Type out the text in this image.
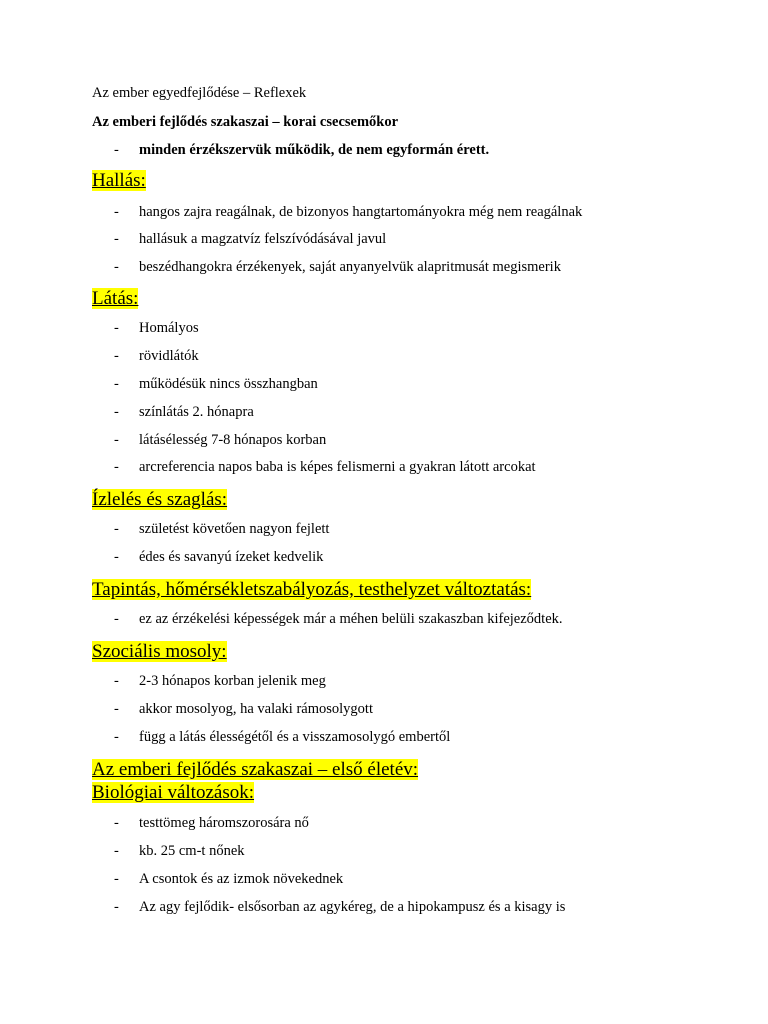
Az ember egyedfejlődése – Reflexek
Az emberi fejlődés szakaszai – korai csecsemőkor
- minden érzékszervük működik, de nem egyformán érett.
Hallás:
- hangos zajra reagálnak, de bizonyos hangtartományokra még nem reagálnak
- hallásuk a magzatvíz felszívódásával javul
- beszédhangokra érzékenyek, saját anyanyelvük alapritmusát megismerik
Látás:
- Homályos
- rövidlátók
- működésük nincs összhangban
- színlátás 2. hónapra
- látásélesség 7-8 hónapos korban
- arcreferencia napos baba is képes felismerni a gyakran látott arcokat
Ízlelés és szaglás:
- születést követően nagyon fejlett
- édes és savanyú ízeket kedvelik
Tapintás, hőmérsékletszabályozás, testhelyzet változtatás:
- ez az érzékelési képességek már a méhen belüli szakaszban kifejeződtek.
Szociális mosoly:
- 2-3 hónapos korban jelenik meg
- akkor mosolyog, ha valaki rámosolygott
- függ a látás élességétől és a visszamosolygó embertől
Az emberi fejlődés szakaszai – első életév:
Biológiai változások:
- testtömeg háromszorosára nő
- kb. 25 cm-t nőnek
- A csontok és az izmok növekednek
- Az agy fejlődik- elsősorban az agykéreg, de a hipokampusz és a kisagy is
